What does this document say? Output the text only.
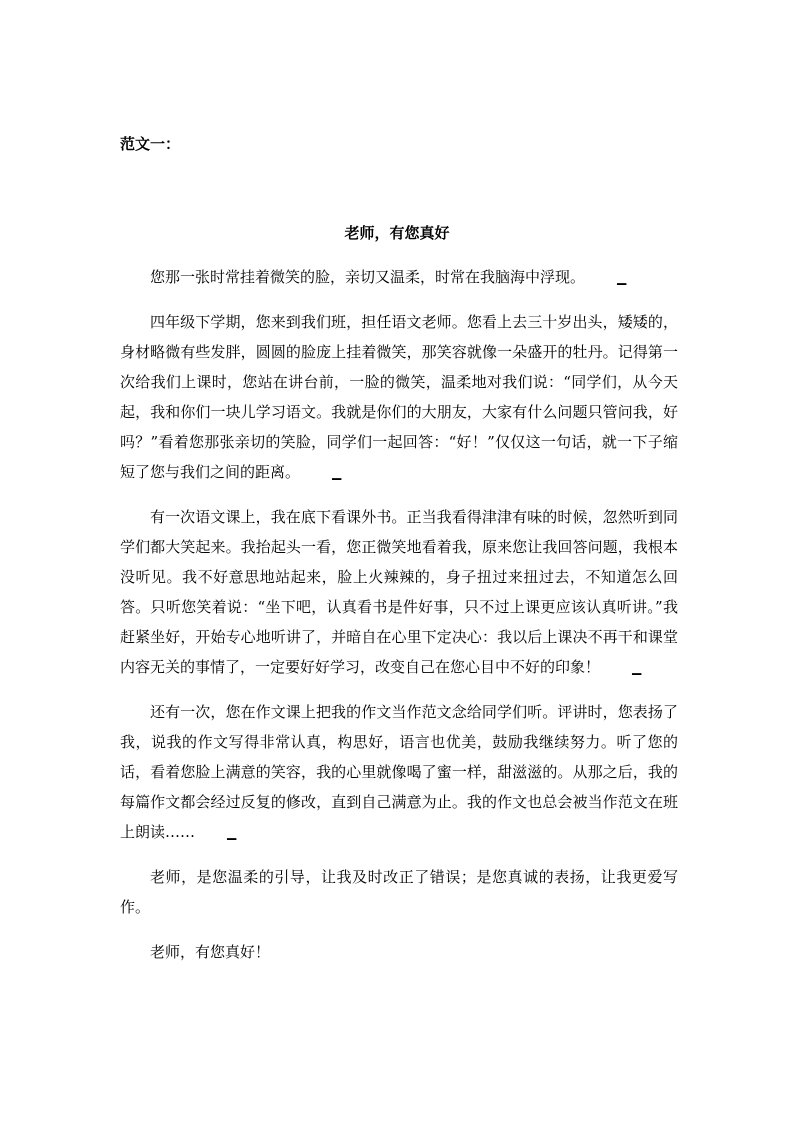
范文一：

老师，有您真好

您那一张时常挂着微笑的脸，亲切又温柔，时常在我脑海中浮现。	▁

四年级下学期，您来到我们班，担任语文老师。您看上去三十岁出头，矮矮的，身材略微有些发胖，圆圆的脸庞上挂着微笑，那笑容就像一朵盛开的牡丹。记得第一次给我们上课时，您站在讲台前，一脸的微笑，温柔地对我们说：“同学们，从今天起，我和你们一块儿学习语文。我就是你们的大朋友，大家有什么问题只管问我，好吗？”看着您那张亲切的笑脸，同学们一起回答：“好！”仅仅这一句话，就一下子缩短了您与我们之间的距离。	▁

有一次语文课上，我在底下看课外书。正当我看得津津有味的时候，忽然听到同学们都大笑起来。我抬起头一看，您正微笑地看着我，原来您让我回答问题，我根本没听见。我不好意思地站起来，脸上火辣辣的，身子扭过来扭过去，不知道怎么回答。只听您笑着说：“坐下吧，认真看书是件好事，只不过上课更应该认真听讲。”我赶紧坐好，开始专心地听讲了，并暗自在心里下定决心：我以后上课决不再干和课堂内容无关的事情了，一定要好好学习，改变自己在您心目中不好的印象！	▁

还有一次，您在作文课上把我的作文当作范文念给同学们听。评讲时，您表扬了我，说我的作文写得非常认真，构思好，语言也优美，鼓励我继续努力。听了您的话，看着您脸上满意的笑容，我的心里就像喝了蜜一样，甜滋滋的。从那之后，我的每篇作文都会经过反复的修改，直到自己满意为止。我的作文也总会被当作范文在班上朗读……	▁

老师，是您温柔的引导，让我及时改正了错误；是您真诚的表扬，让我更爱写作。

老师，有您真好！
